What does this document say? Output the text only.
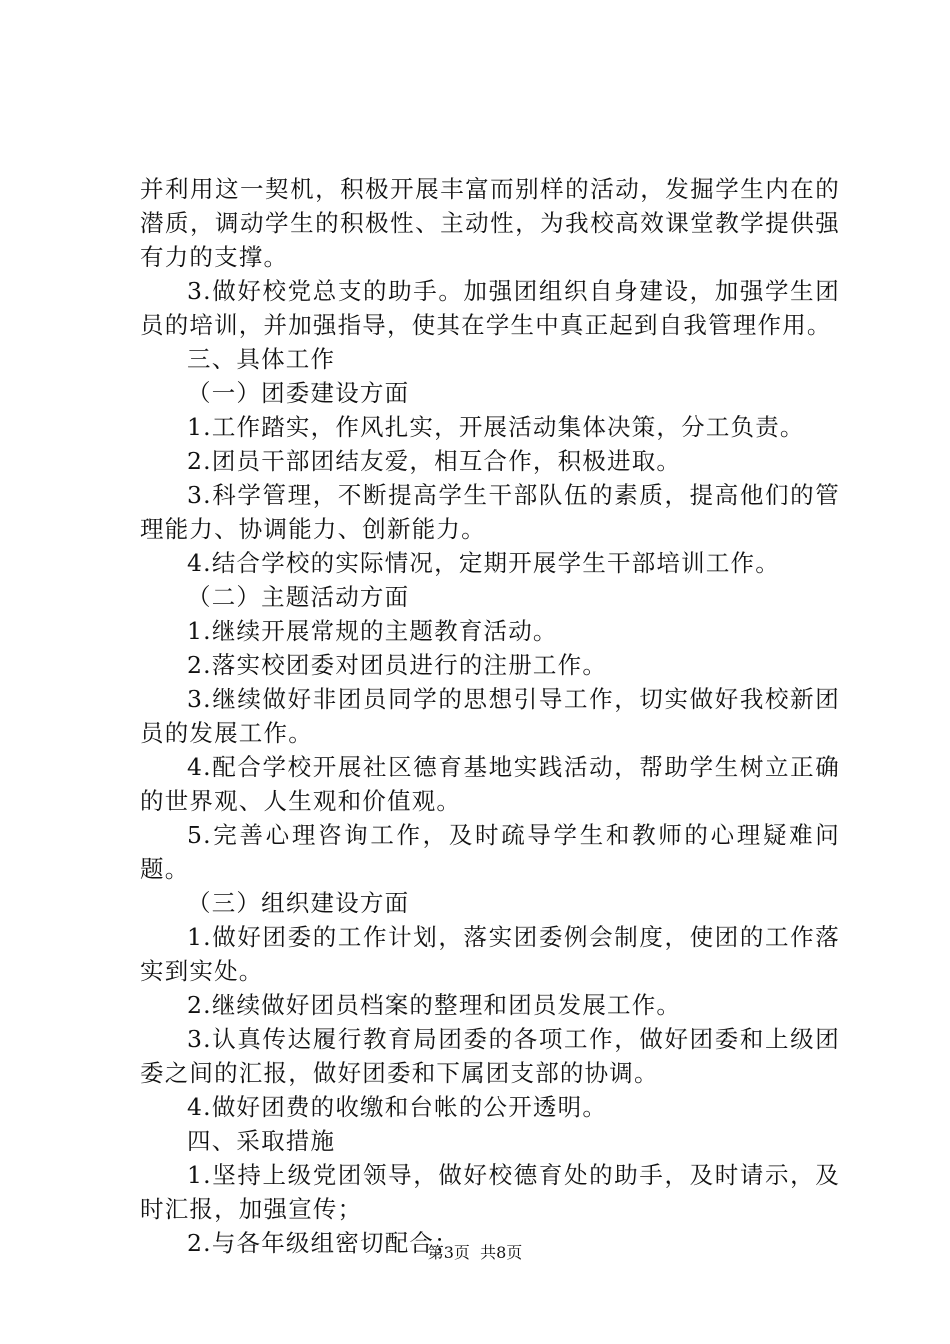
并利用这一契机，积极开展丰富而别样的活动，发掘学生内在的潜质，调动学生的积极性、主动性，为我校高效课堂教学提供强有力的支撑。

3.做好校党总支的助手。加强团组织自身建设，加强学生团员的培训，并加强指导，使其在学生中真正起到自我管理作用。

三、具体工作

（一）团委建设方面

1.工作踏实，作风扎实，开展活动集体决策，分工负责。

2.团员干部团结友爱，相互合作，积极进取。

3.科学管理，不断提高学生干部队伍的素质，提高他们的管理能力、协调能力、创新能力。

4.结合学校的实际情况，定期开展学生干部培训工作。

（二）主题活动方面

1.继续开展常规的主题教育活动。

2.落实校团委对团员进行的注册工作。

3.继续做好非团员同学的思想引导工作，切实做好我校新团员的发展工作。

4.配合学校开展社区德育基地实践活动，帮助学生树立正确的世界观、人生观和价值观。

5.完善心理咨询工作，及时疏导学生和教师的心理疑难问题。

（三）组织建设方面

1.做好团委的工作计划，落实团委例会制度，使团的工作落实到实处。

2.继续做好团员档案的整理和团员发展工作。

3.认真传达履行教育局团委的各项工作，做好团委和上级团委之间的汇报，做好团委和下属团支部的协调。

4.做好团费的收缴和台帐的公开透明。

四、采取措施

1.坚持上级党团领导，做好校德育处的助手，及时请示，及时汇报，加强宣传；

2.与各年级组密切配合；

第3页  共8页
